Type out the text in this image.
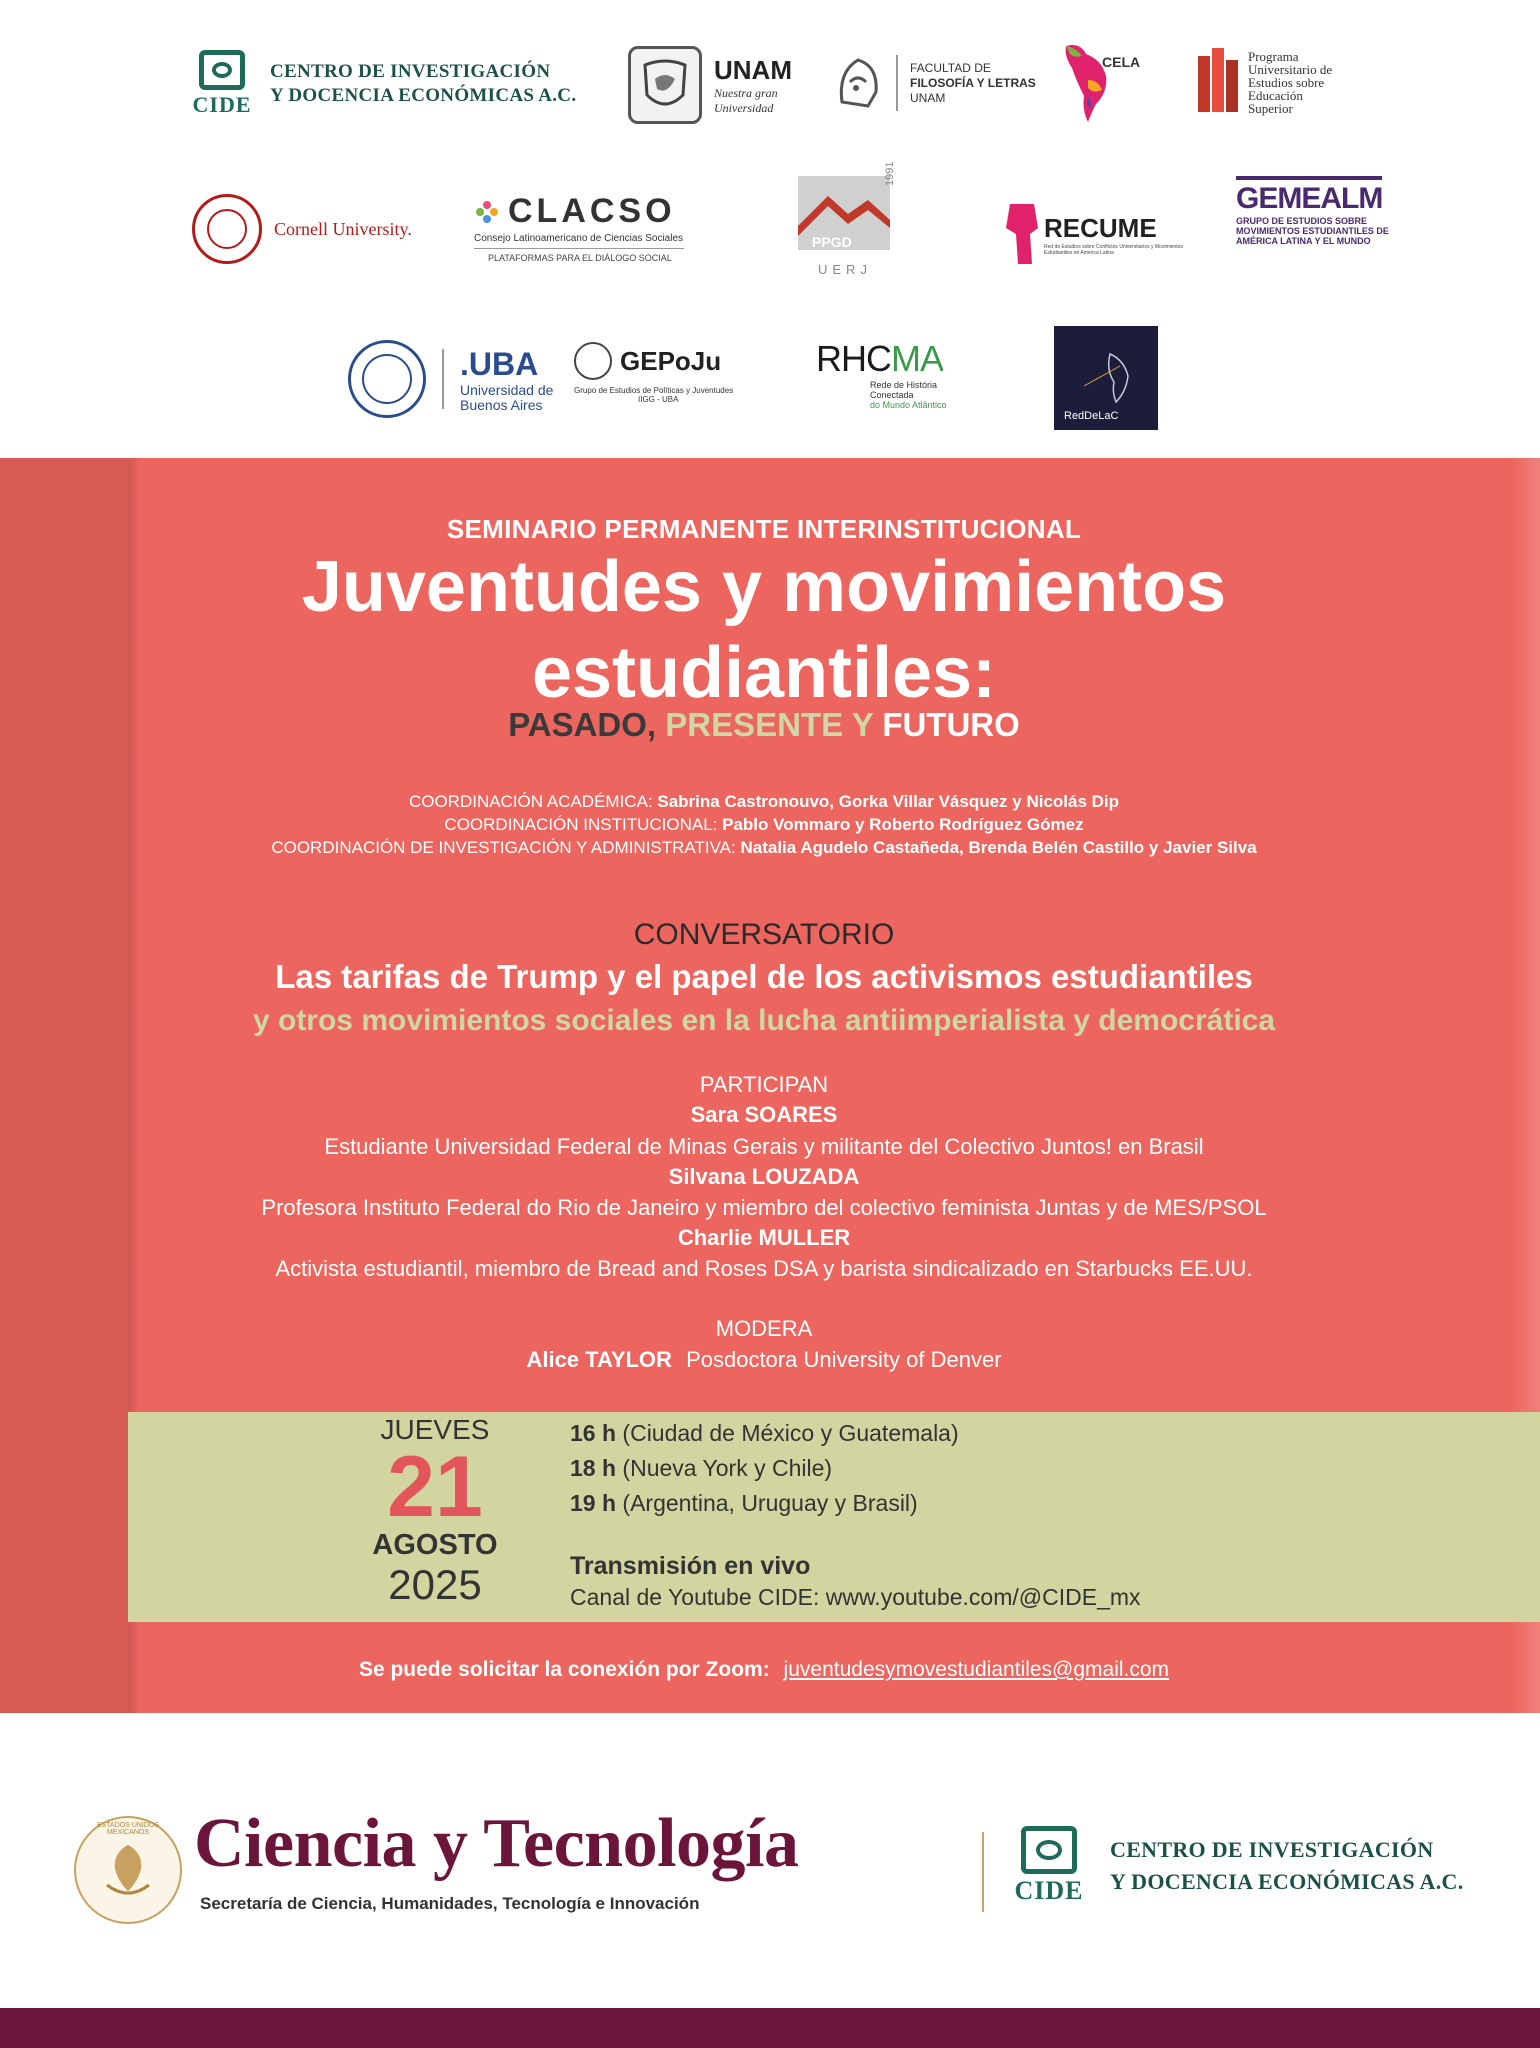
CIDE
CENTRO DE INVESTIGACIÓN
Y DOCENCIA ECONÓMICAS A.C.
UNAM
Nuestra gran
Universidad
FACULTAD DE
FILOSOFÍA Y LETRAS
UNAM
CELA	Programa
Universitario de
Estudios sobre
Educación
Superior
Cornell University.	CLACSO
Consejo Latinoamericano de Ciencias Sociales
PLATAFORMAS PARA EL DIÁLOGO SOCIAL
PPGD
1991
UERJ
RECUME
Red de Estudios sobre Conflictos Universitarios y Movimientos Estudiantiles en América Latina
GEMEALM
GRUPO DE ESTUDIOS SOBRE
MOVIMIENTOS ESTUDIANTILES DE
AMÉRICA LATINA Y EL MUNDO
.UBA
Universidad de
Buenos Aires
GEPoJu
Grupo de Estudios de Políticas y Juventudes
IIGG - UBA
RHCMA
Rede de História
Conectada
do Mundo Atlântico
RedDeLaC
SEMINARIO PERMANENTE INTERINSTITUCIONAL
Juventudes y movimientos
estudiantiles:
PASADO, PRESENTE Y FUTURO
COORDINACIÓN ACADÉMICA: Sabrina Castronouvo, Gorka Villar Vásquez y Nicolás Dip
COORDINACIÓN INSTITUCIONAL: Pablo Vommaro y Roberto Rodríguez Gómez
COORDINACIÓN DE INVESTIGACIÓN Y ADMINISTRATIVA: Natalia Agudelo Castañeda, Brenda Belén Castillo y Javier Silva
CONVERSATORIO
Las tarifas de Trump y el papel de los activismos estudiantiles
y otros movimientos sociales en la lucha antiimperialista y democrática
PARTICIPAN
Sara SOARES
Estudiante Universidad Federal de Minas Gerais y militante del Colectivo Juntos! en Brasil
Silvana LOUZADA
Profesora Instituto Federal do Rio de Janeiro y miembro del colectivo feminista Juntas y de MES/PSOL
Charlie MULLER
Activista estudiantil, miembro de Bread and Roses DSA y barista sindicalizado en Starbucks EE.UU.
MODERA
Alice TAYLOR Posdoctora University of Denver
JUEVES
21
AGOSTO
2025
16 h (Ciudad de México y Guatemala)
18 h (Nueva York y Chile)
19 h (Argentina, Uruguay y Brasil)
Transmisión en vivo
Canal de Youtube CIDE: www.youtube.com/@CIDE_mx
Se puede solicitar la conexión por Zoom: juventudesymovestudiantiles@gmail.com
ESTADOS UNIDOS MEXICANOS Ciencia y Tecnología
Secretaría de Ciencia, Humanidades, Tecnología e Innovación	CIDE
CENTRO DE INVESTIGACIÓN
Y DOCENCIA ECONÓMICAS A.C.
